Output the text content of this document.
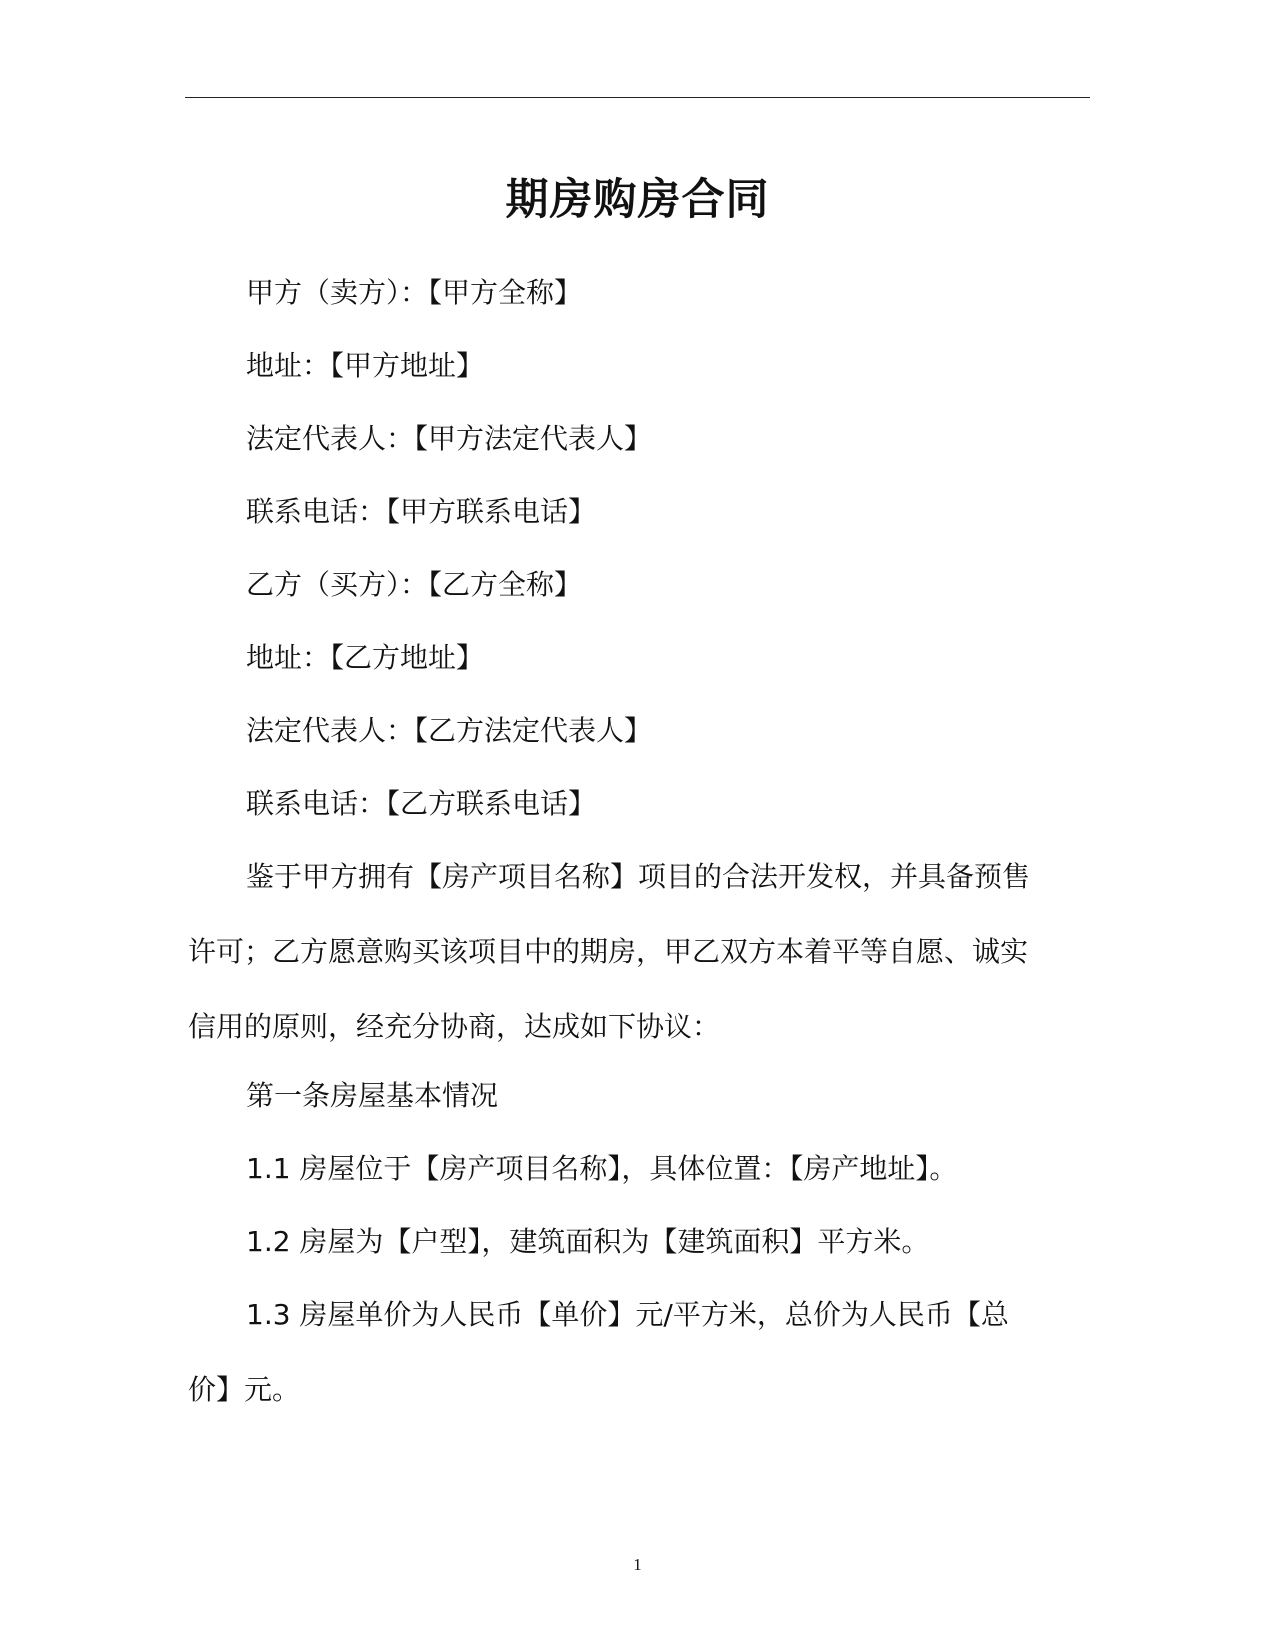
期房购房合同

甲方（卖方）：【甲方全称】

地址：【甲方地址】

法定代表人：【甲方法定代表人】

联系电话：【甲方联系电话】

乙方（买方）：【乙方全称】

地址：【乙方地址】

法定代表人：【乙方法定代表人】

联系电话：【乙方联系电话】

鉴于甲方拥有【房产项目名称】项目的合法开发权，并具备预售
许可；乙方愿意购买该项目中的期房，甲乙双方本着平等自愿、诚实
信用的原则，经充分协商，达成如下协议：

第一条房屋基本情况

1.1 房屋位于【房产项目名称】，具体位置：【房产地址】。

1.2 房屋为【户型】，建筑面积为【建筑面积】平方米。

1.3 房屋单价为人民币【单价】元/平方米，总价为人民币【总
价】元。
1
